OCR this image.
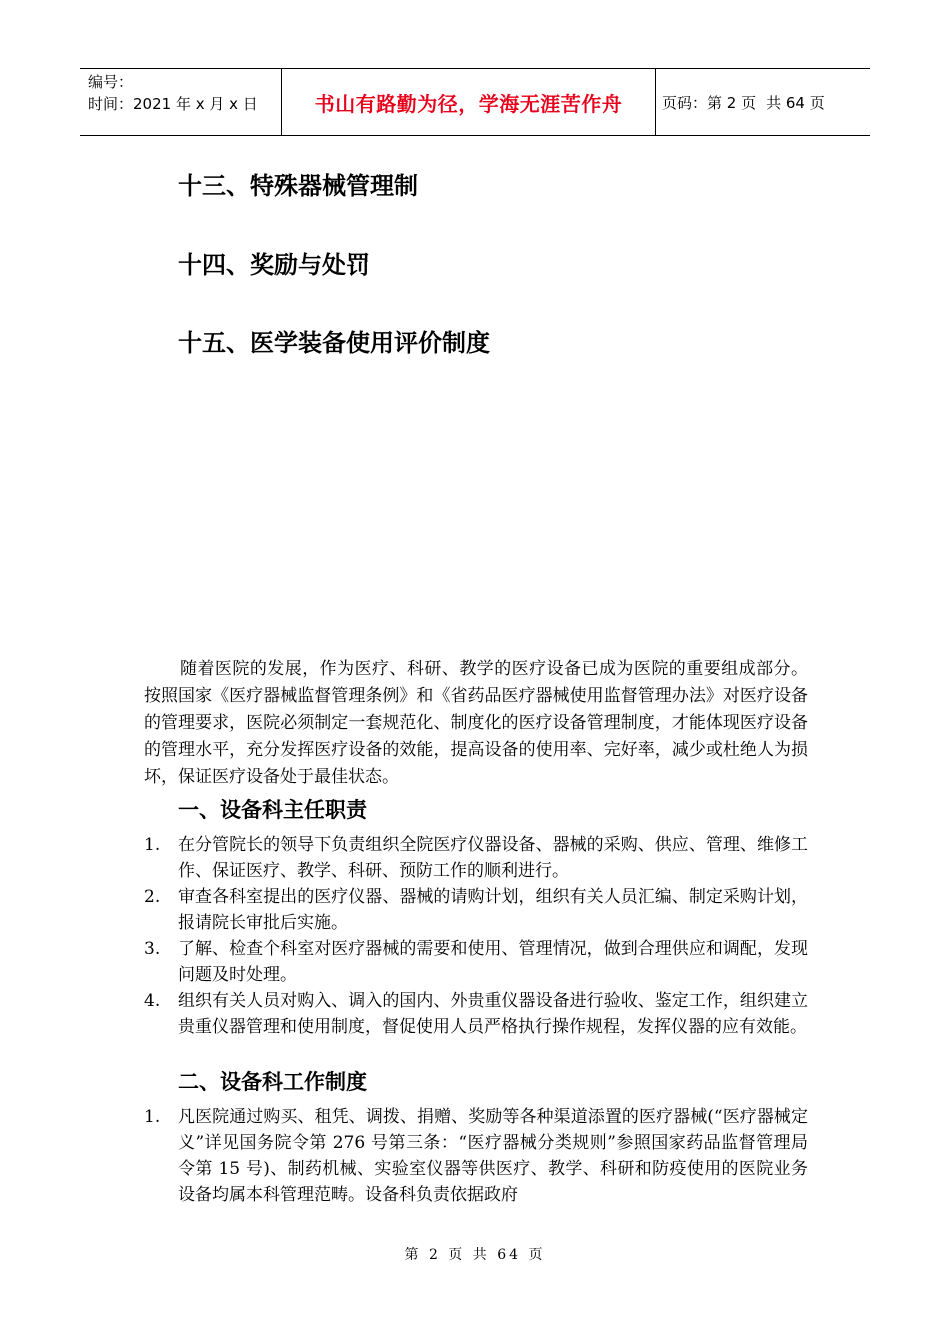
编号：
时间：2021 年 x 月 x 日	书山有路勤为径，学海无涯苦作舟	页码：第 2 页 共 64 页
十三、特殊器械管理制
十四、奖励与处罚
十五、医学装备使用评价制度

随着医院的发展，作为医疗、科研、教学的医疗设备已成为医院的重要组成部分。按照国家《医疗器械监督管理条例》和《省药品医疗器械使用监督管理办法》对医疗设备的管理要求，医院必须制定一套规范化、制度化的医疗设备管理制度，才能体现医疗设备的管理水平，充分发挥医疗设备的效能，提高设备的使用率、完好率，减少或杜绝人为损坏，保证医疗设备处于最佳状态。

一、设备科主任职责
1.	在分管院长的领导下负责组织全院医疗仪器设备、器械的采购、供应、管理、维修工作、保证医疗、教学、科研、预防工作的顺利进行。
2.	审查各科室提出的医疗仪器、器械的请购计划，组织有关人员汇编、制定采购计划，报请院长审批后实施。
3.	了解、检查个科室对医疗器械的需要和使用、管理情况，做到合理供应和调配，发现问题及时处理。
4.	组织有关人员对购入、调入的国内、外贵重仪器设备进行验收、鉴定工作，组织建立贵重仪器管理和使用制度，督促使用人员严格执行操作规程，发挥仪器的应有效能。
二、设备科工作制度
1.	凡医院通过购买、租凭、调拨、捐赠、奖励等各种渠道添置的医疗器械(“医疗器械定义”详见国务院令第 276 号第三条：“医疗器械分类规则”参照国家药品监督管理局令第 15 号)、制药机械、实验室仪器等供医疗、教学、科研和防疫使用的医院业务设备均属本科管理范畴。设备科负责依据政府
第 2 页 共 64 页
